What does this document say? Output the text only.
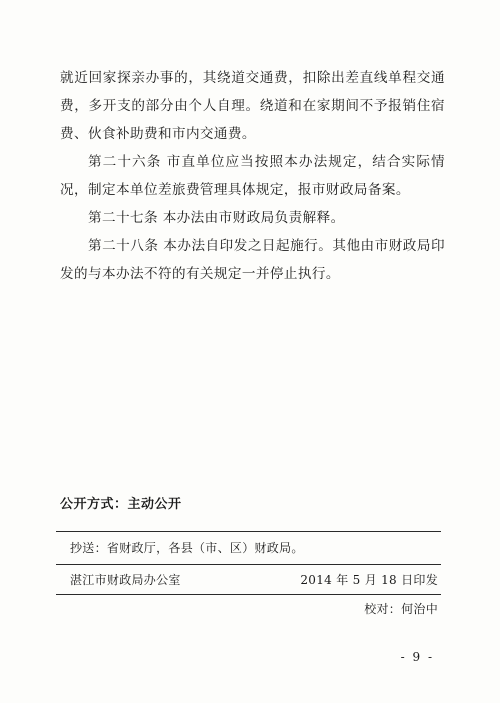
就近回家探亲办事的，其绕道交通费，扣除出差直线单程交通费，多开支的部分由个人自理。绕道和在家期间不予报销住宿费、伙食补助费和市内交通费。

第二十六条 市直单位应当按照本办法规定，结合实际情况，制定本单位差旅费管理具体规定，报市财政局备案。

第二十七条 本办法由市财政局负责解释。

第二十八条 本办法自印发之日起施行。其他由市财政局印发的与本办法不符的有关规定一并停止执行。

公开方式：主动公开
抄送：省财政厅，各县（市、区）财政局。
湛江市财政局办公室	2014 年 5 月 18 日印发
校对：何治中
- 9 -
